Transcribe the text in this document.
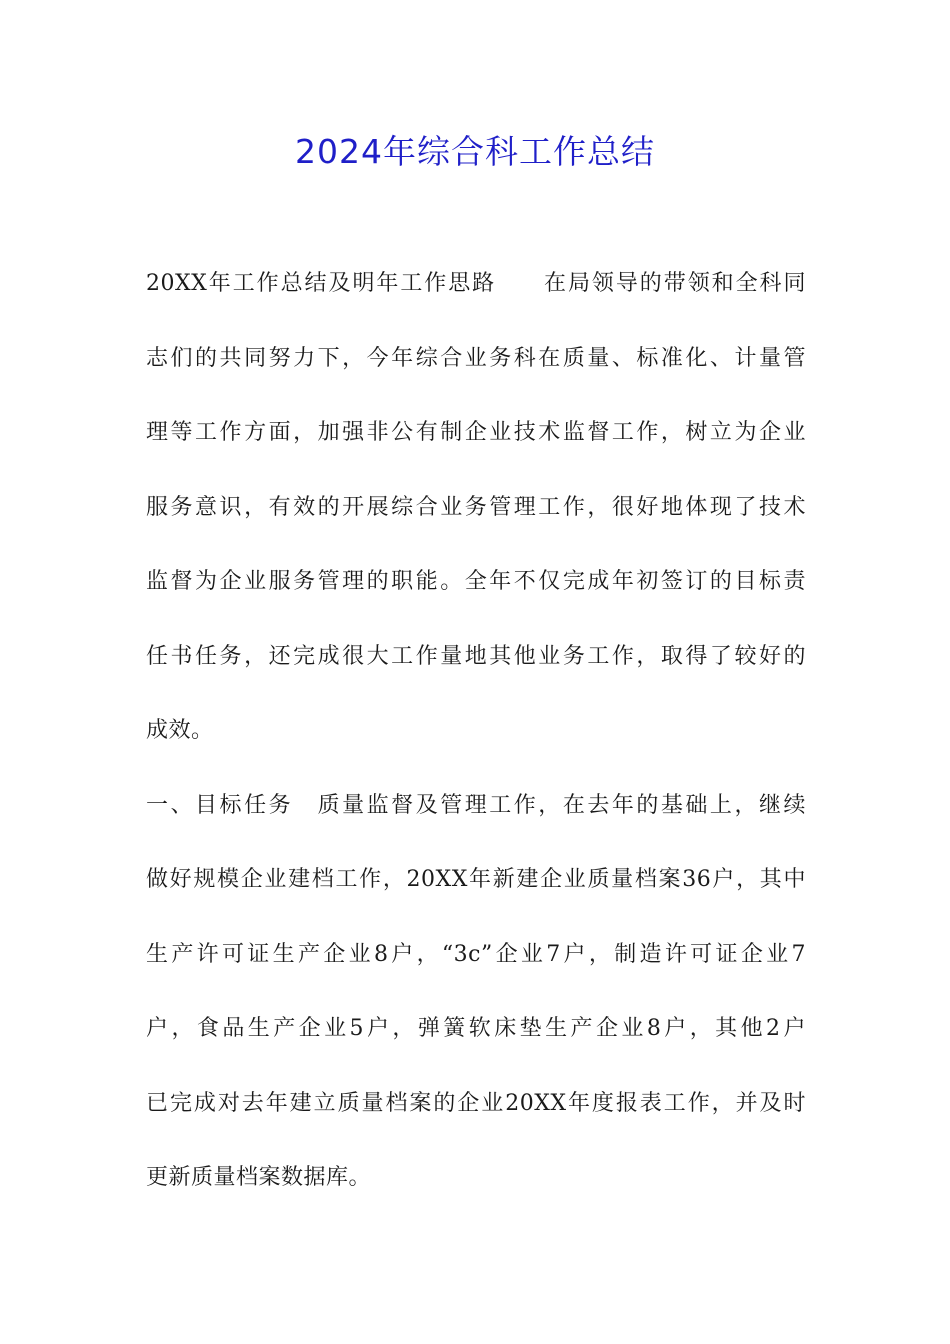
2024年综合科工作总结
20XX年工作总结及明年工作思路　　在局领导的带领和全科同
志们的共同努力下，今年综合业务科在质量、标准化、计量管
理等工作方面，加强非公有制企业技术监督工作，树立为企业
服务意识，有效的开展综合业务管理工作，很好地体现了技术
监督为企业服务管理的职能。全年不仅完成年初签订的目标责
任书任务，还完成很大工作量地其他业务工作，取得了较好的
成效。
一、目标任务　质量监督及管理工作，在去年的基础上，继续
做好规模企业建档工作，20XX年新建企业质量档案36户，其中
生产许可证生产企业8户，“3c”企业7户，制造许可证企业7
户，食品生产企业5户，弹簧软床垫生产企业8户，其他2户
已完成对去年建立质量档案的企业20XX年度报表工作，并及时
更新质量档案数据库。
